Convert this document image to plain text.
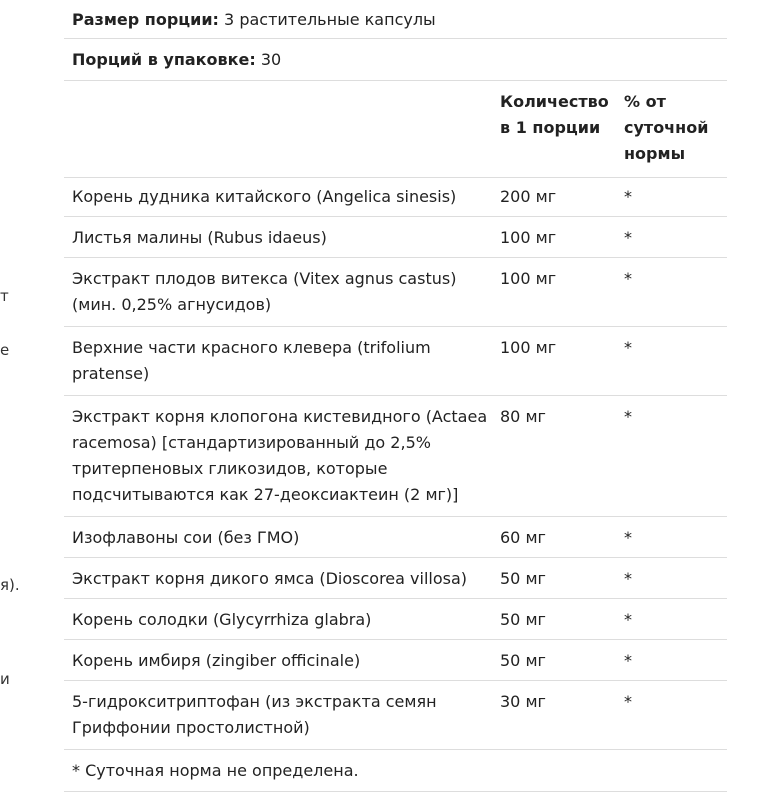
т
е
я).
и
Размер порции:
3 растительные капсулы
Порций в упаковке:
30
	Количество в 1 порции	% от суточной нормы
Корень дудника китайского (Angelica sinesis)	200 мг	*
Листья малины (Rubus idaeus)	100 мг	*
Экстракт плодов витекса (Vitex agnus castus) (мин. 0,25% агнусидов)	100 мг	*
Верхние части красного клевера (trifolium pratense)	100 мг	*
Экстракт корня клопогона кистевидного (Actaea racemosa) [стандартизированный до 2,5% тритерпеновых гликозидов, которые подсчитываются как 27-деоксиактеин (2 мг)]	80 мг	*
Изофлавоны сои (без ГМО)	60 мг	*
Экстракт корня дикого ямса (Dioscorea villosa)	50 мг	*
Корень солодки (Glycyrrhiza glabra)	50 мг	*
Корень имбиря (zingiber officinale)	50 мг	*
5-гидрокситриптофан (из экстракта семян Гриффонии простолистной)	30 мг	*
* Суточная норма не определена.
